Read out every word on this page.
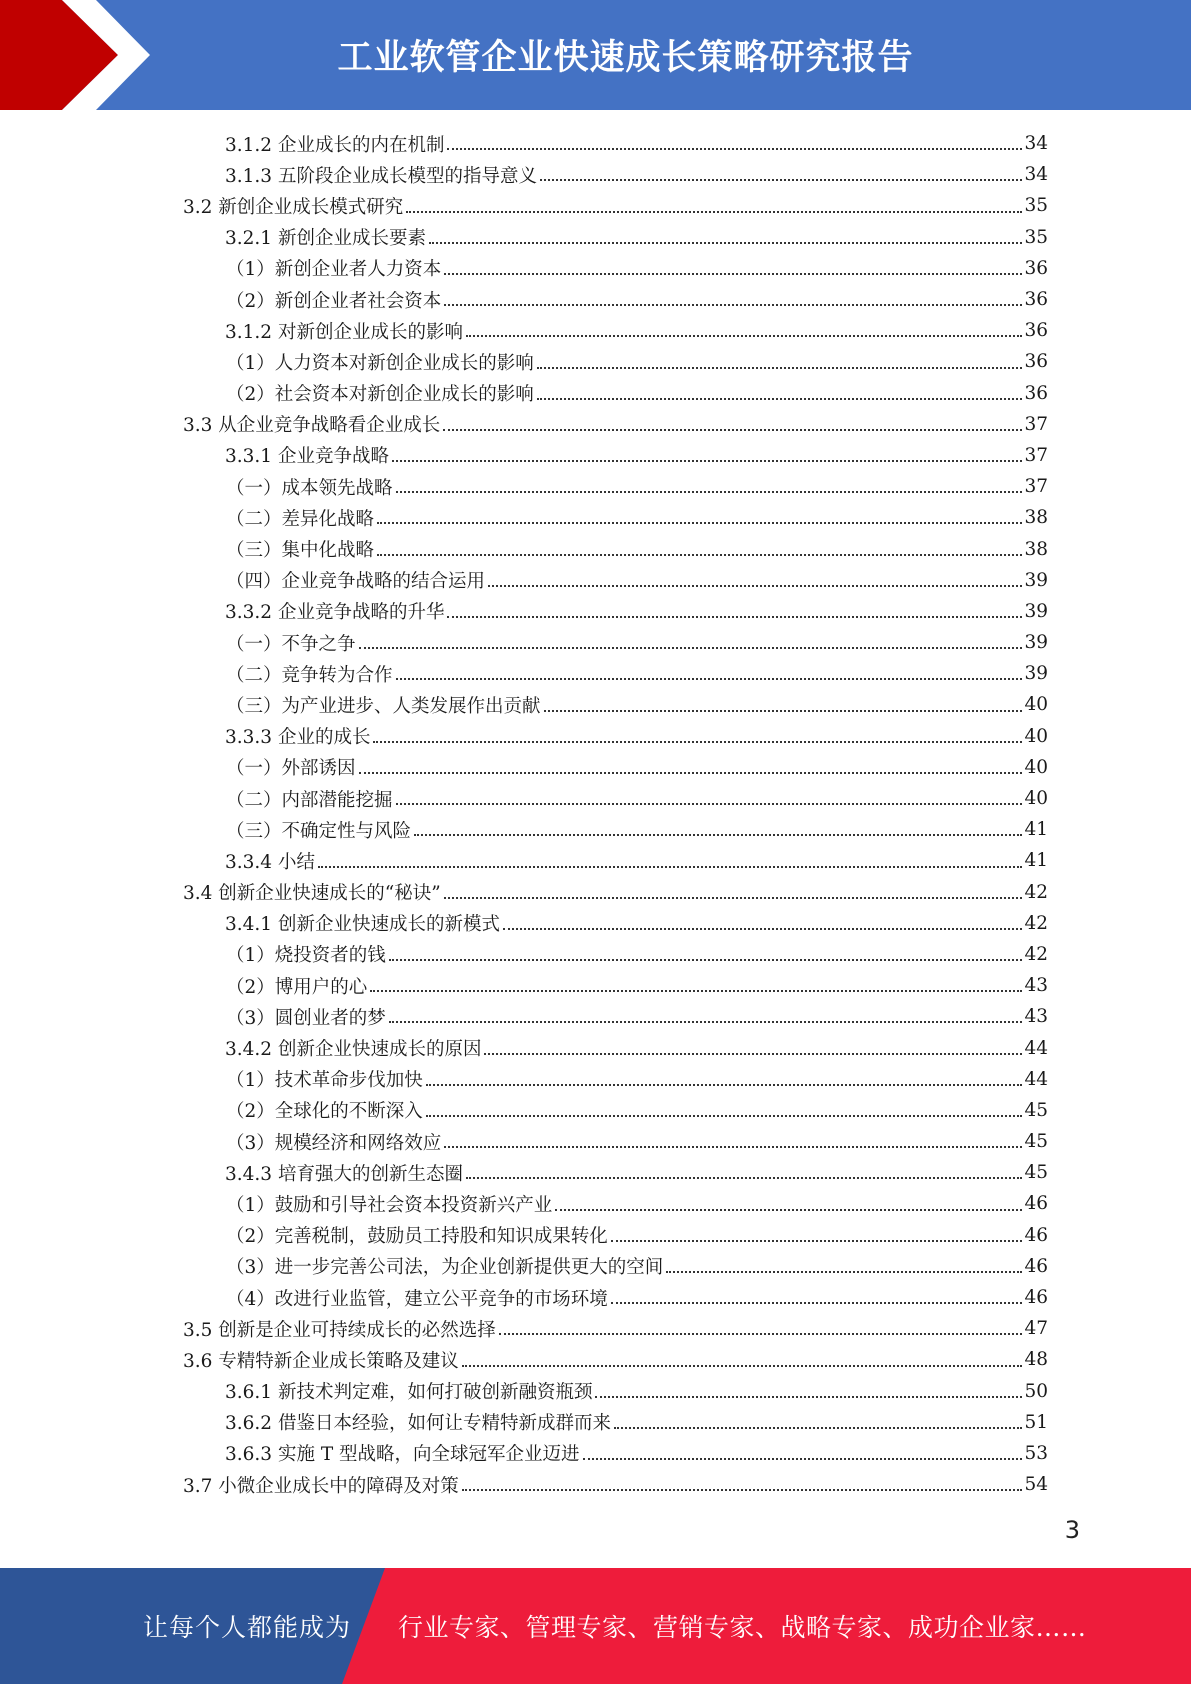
工业软管企业快速成长策略研究报告
3.1.2 企业成长的内在机制	34
3.1.3 五阶段企业成长模型的指导意义	34
3.2 新创企业成长模式研究	35
3.2.1 新创企业成长要素	35
（1）新创企业者人力资本	36
（2）新创企业者社会资本	36
3.1.2 对新创企业成长的影响	36
（1）人力资本对新创企业成长的影响	36
（2）社会资本对新创企业成长的影响	36
3.3 从企业竞争战略看企业成长	37
3.3.1 企业竞争战略	37
（一）成本领先战略	37
（二）差异化战略	38
（三）集中化战略	38
（四）企业竞争战略的结合运用	39
3.3.2 企业竞争战略的升华	39
（一）不争之争	39
（二）竞争转为合作	39
（三）为产业进步、人类发展作出贡献	40
3.3.3 企业的成长	40
（一）外部诱因	40
（二）内部潜能挖掘	40
（三）不确定性与风险	41
3.3.4 小结	41
3.4 创新企业快速成长的“秘诀”	42
3.4.1 创新企业快速成长的新模式	42
（1）烧投资者的钱	42
（2）博用户的心	43
（3）圆创业者的梦	43
3.4.2 创新企业快速成长的原因	44
（1）技术革命步伐加快	44
（2）全球化的不断深入	45
（3）规模经济和网络效应	45
3.4.3 培育强大的创新生态圈	45
（1）鼓励和引导社会资本投资新兴产业	46
（2）完善税制，鼓励员工持股和知识成果转化	46
（3）进一步完善公司法，为企业创新提供更大的空间	46
（4）改进行业监管，建立公平竞争的市场环境	46
3.5 创新是企业可持续成长的必然选择	47
3.6 专精特新企业成长策略及建议	48
3.6.1 新技术判定难，如何打破创新融资瓶颈	50
3.6.2 借鉴日本经验，如何让专精特新成群而来	51
3.6.3 实施 T 型战略，向全球冠军企业迈进	53
3.7 小微企业成长中的障碍及对策	54
3
让每个人都能成为 行业专家、管理专家、营销专家、战略专家、成功企业家……
